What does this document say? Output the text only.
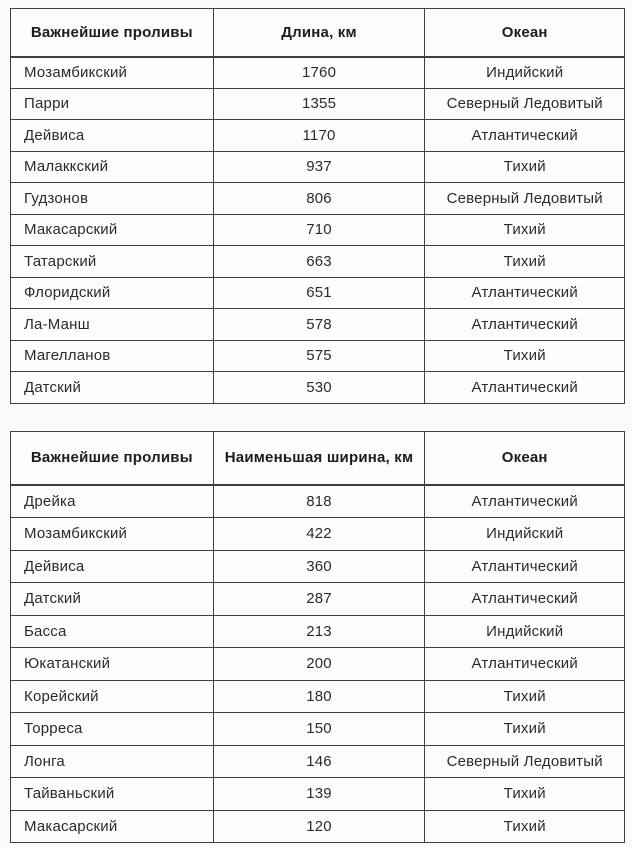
Важнейшие проливы	Длина, км	Океан
Мозамбикский	1760	Индийский
Парри	1355	Северный Ледовитый
Дейвиса	1170	Атлантический
Малаккский	937	Тихий
Гудзонов	806	Северный Ледовитый
Макасарский	710	Тихий
Татарский	663	Тихий
Флоридский	651	Атлантический
Ла-Манш	578	Атлантический
Магелланов	575	Тихий
Датский	530	Атлантический
Важнейшие проливы	Наименьшая ширина, км	Океан
Дрейка	818	Атлантический
Мозамбикский	422	Индийский
Дейвиса	360	Атлантический
Датский	287	Атлантический
Басса	213	Индийский
Юкатанский	200	Атлантический
Корейский	180	Тихий
Торреса	150	Тихий
Лонга	146	Северный Ледовитый
Тайваньский	139	Тихий
Макасарский	120	Тихий
